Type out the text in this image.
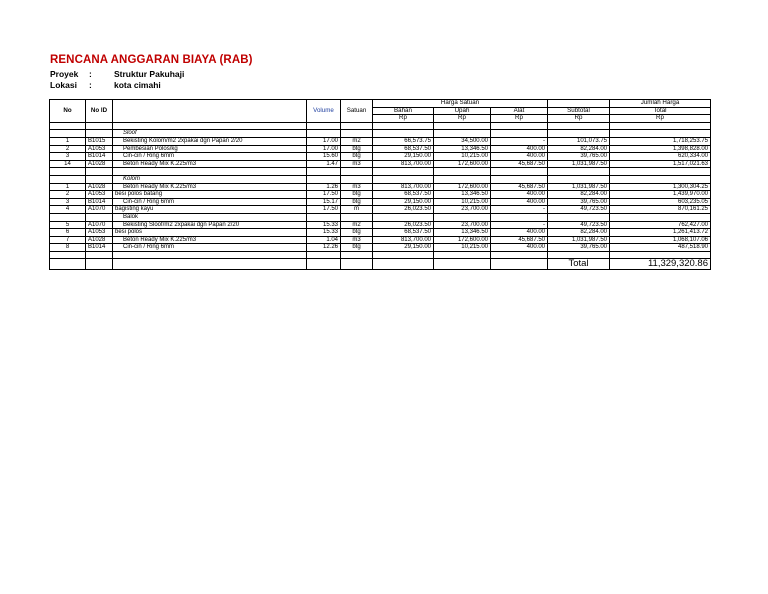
RENCANA ANGGARAN BIAYA (RAB)
Proyek :	Struktur Pakuhaji
Lokasi :	kota cimahi
No	No ID		Volume	Satuan	Harga Satuan				Jumlah Harga
					Bahan	Upah	Alat	Subtotal	Total
					Rp	Rp	Rp	Rp	Rp

		Sloof							
1	B1015	Bekisting Kolom/m2 2xpakai dgn Papan 2/20	17.00	m2	66,573.75	34,500.00	-	101,073.75	1,718,253.75
2	A1053	Pembesian Polos/kg	17.00	btg	68,537.50	13,346.50	400.00	82,284.00	1,398,828.00
3	B1014	Cin-cin / Ring 6mm	15.60	btg	29,150.00	10,215.00	400.00	39,765.00	620,334.00
14	A1028	Beton Ready Mix K.225/m3	1.47	m3	813,700.00	172,600.00	45,687.50	1,031,987.50	1,517,021.63

		Kolom							
1	A1028	Beton Ready Mix K.225/m3	1.26	m3	813,700.00	172,600.00	45,687.50	1,031,987.50	1,300,304.25
2	A1053	besi polos batang	17.50	btg	68,537.50	13,346.50	400.00	82,284.00	1,439,970.00
3	B1014	Cin-cin / Ring 6mm	15.17	btg	29,150.00	10,215.00	400.00	39,765.00	603,235.05
4	A1070	bagisting kayu	17.50	m	26,023.50	23,700.00	-	49,723.50	870,161.25
		Balok							
5	A1070	Bekisting Sloof/m2 2xpakai dgn Papan 2/20	15.33	m2	26,023.50	23,700.00	-	49,723.50	762,427.00
6	A1053	besi polos	15.33	btg	68,537.50	13,346.50	400.00	82,284.00	1,261,413.72
7	A1028	Beton Ready Mix K.225/m3	1.04	m3	813,700.00	172,600.00	45,687.50	1,031,987.50	1,068,107.06
8	B1014	Cin-cin / Ring 6mm	12.26	btg	29,150.00	10,215.00	400.00	39,765.00	487,518.90

								Total	11,329,320.86
